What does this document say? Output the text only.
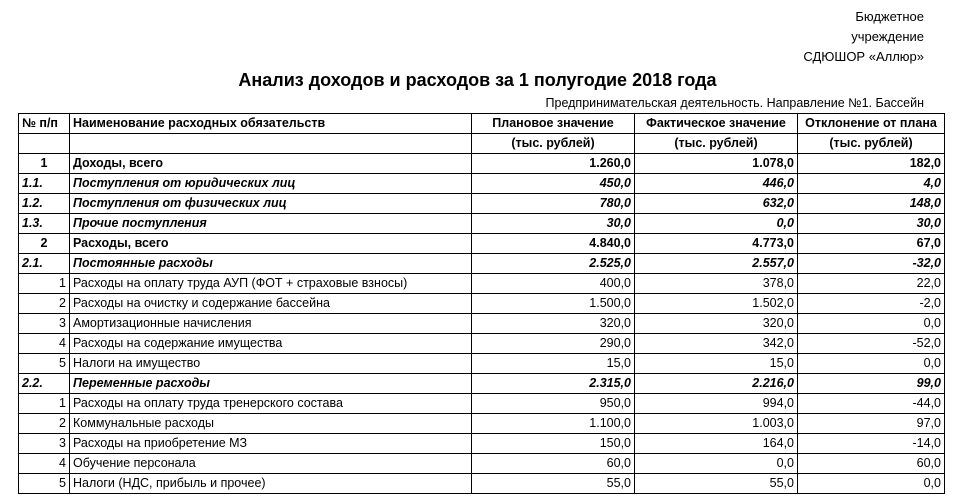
Бюджетное
учреждение
СДЮШОР «Аллюр»
Анализ доходов и расходов за 1 полугодие 2018 года
Предпринимательская деятельность. Направление №1. Бассейн
№ п/п	Наименование расходных обязательств	Плановое значение	Фактическое значение	Отклонение от плана
		(тыс. рублей)	(тыс. рублей)	(тыс. рублей)
1	Доходы, всего	1.260,0	1.078,0	182,0
1.1.	Поступления от юридических лиц	450,0	446,0	4,0
1.2.	Поступления от физических лиц	780,0	632,0	148,0
1.3.	Прочие поступления	30,0	0,0	30,0
2	Расходы, всего	4.840,0	4.773,0	67,0
2.1.	Постоянные расходы	2.525,0	2.557,0	-32,0
1	Расходы на оплату труда АУП (ФОТ + страховые взносы)	400,0	378,0	22,0
2	Расходы на очистку и содержание бассейна	1.500,0	1.502,0	-2,0
3	Амортизационные начисления	320,0	320,0	0,0
4	Расходы на содержание имущества	290,0	342,0	-52,0
5	Налоги на имущество	15,0	15,0	0,0
2.2.	Переменные расходы	2.315,0	2.216,0	99,0
1	Расходы на оплату труда тренерского состава	950,0	994,0	-44,0
2	Коммунальные расходы	1.100,0	1.003,0	97,0
3	Расходы на приобретение МЗ	150,0	164,0	-14,0
4	Обучение персонала	60,0	0,0	60,0
5	Налоги (НДС, прибыль и прочее)	55,0	55,0	0,0
